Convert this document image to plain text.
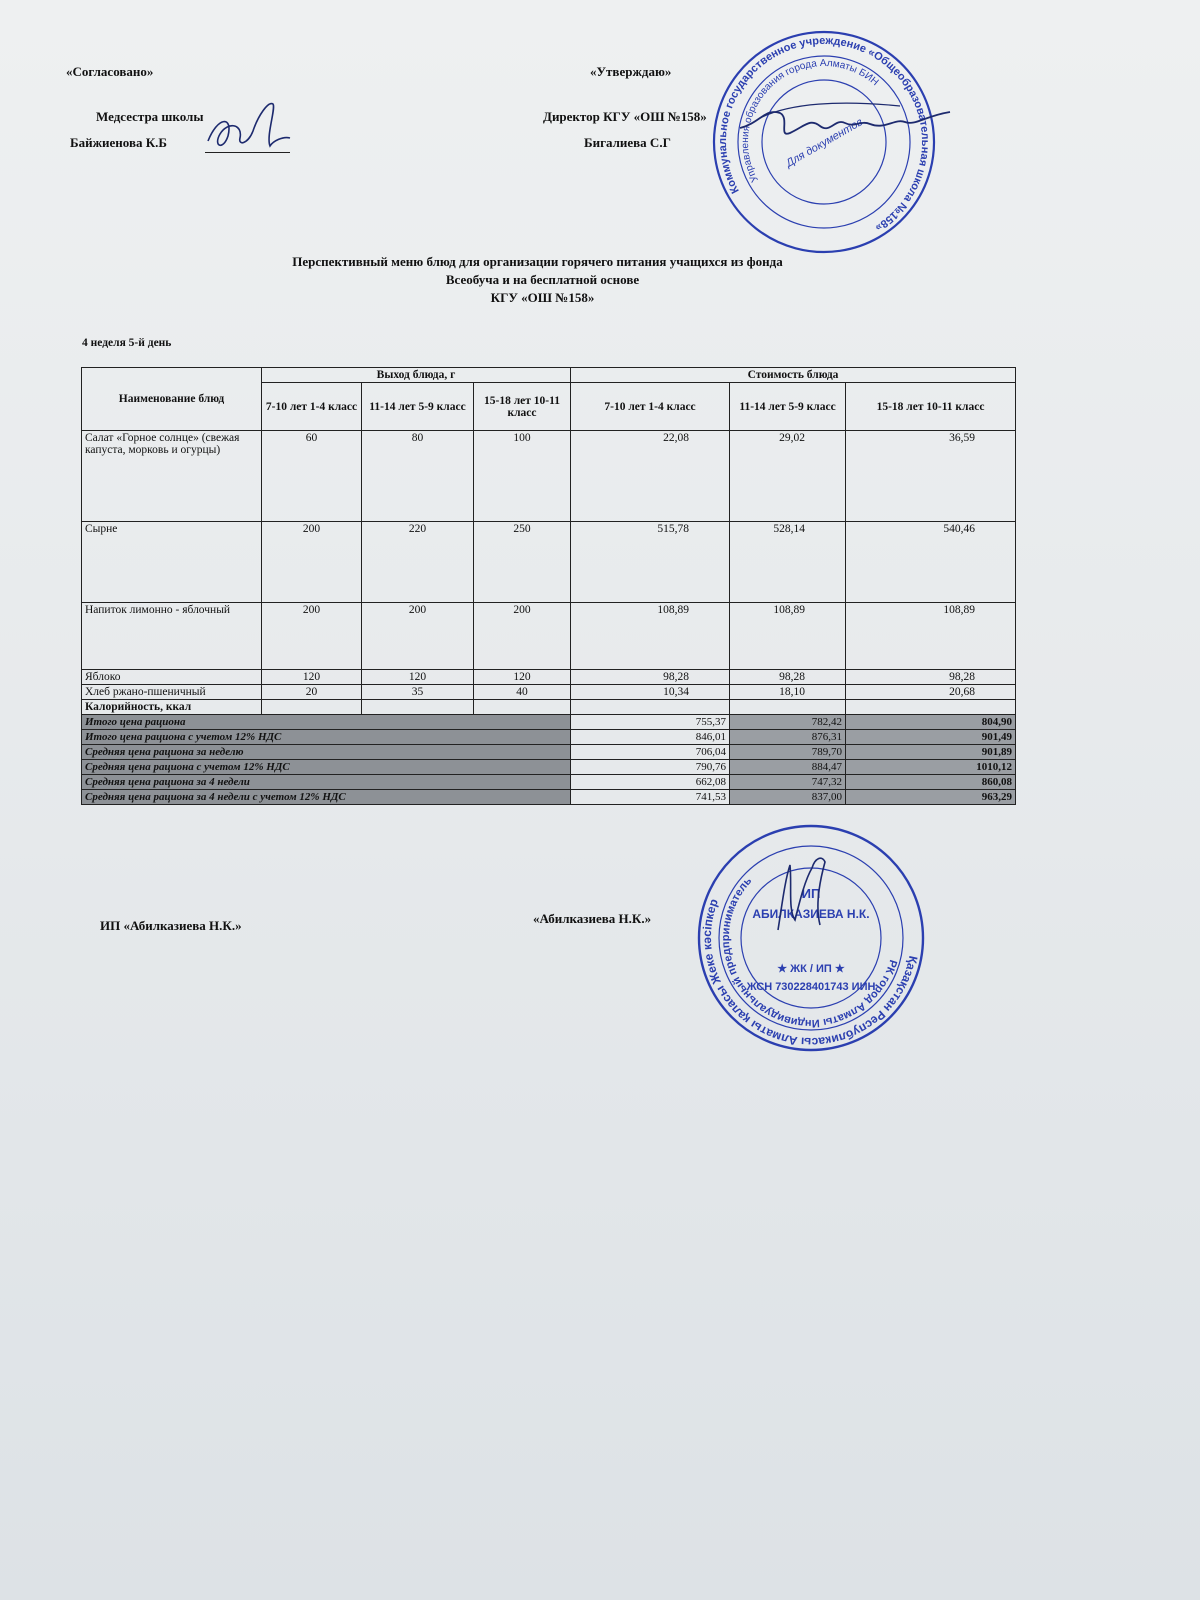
«Согласовано»
Медсестра школы
Байжиенова К.Б
«Утверждаю»
Директор КГУ «ОШ №158»
Бигалиева С.Г
Коммунальное государственное учреждение «Общеобразовательная школа №158»
Управления образования города Алматы БИН
Для документов
Перспективный меню блюд для организации горячего питания учащихся из фонда
Всеобуча и на бесплатной основе
КГУ «ОШ №158»
4 неделя 5-й день
Наименование блюд	Выход блюда, г			Стоимость блюда		
	7-10 лет 1-4 класс	11-14 лет 5-9 класс	15-18 лет 10-11 класс	7-10 лет 1-4 класс	11-14 лет 5-9 класс	15-18 лет 10-11 класс
Салат «Горное солнце» (свежая капуста, морковь и огурцы)	60	80	100	22,08	29,02	36,59
Сырне	200	220	250	515,78	528,14	540,46
Напиток лимонно - яблочный	200	200	200	108,89	108,89	108,89
Яблоко	120	120	120	98,28	98,28	98,28
Хлеб ржано-пшеничный	20	35	40	10,34	18,10	20,68
Калорийность, ккал						
Итого цена рациона				755,37	782,42	804,90
Итого цена рациона с учетом 12% НДС				846,01	876,31	901,49
Средняя цена рациона за неделю				706,04	789,70	901,89
Средняя цена рациона с учетом 12% НДС				790,76	884,47	1010,12
Средняя цена рациона за 4 недели				662,08	747,32	860,08
Средняя цена рациона за 4 недели с учетом 12% НДС				741,53	837,00	963,29
ИП «Абилказиева Н.К.»	«Абилказиева Н.К.»
Қазақстан Республикасы Алматы қаласы Жеке кәсіпкер
РК город Алматы Индивидуальный предприниматель
ИП
АБИЛКАЗИЕВА Н.К.
★ ЖК / ИП ★
ЖСН 730228401743 ИИН
